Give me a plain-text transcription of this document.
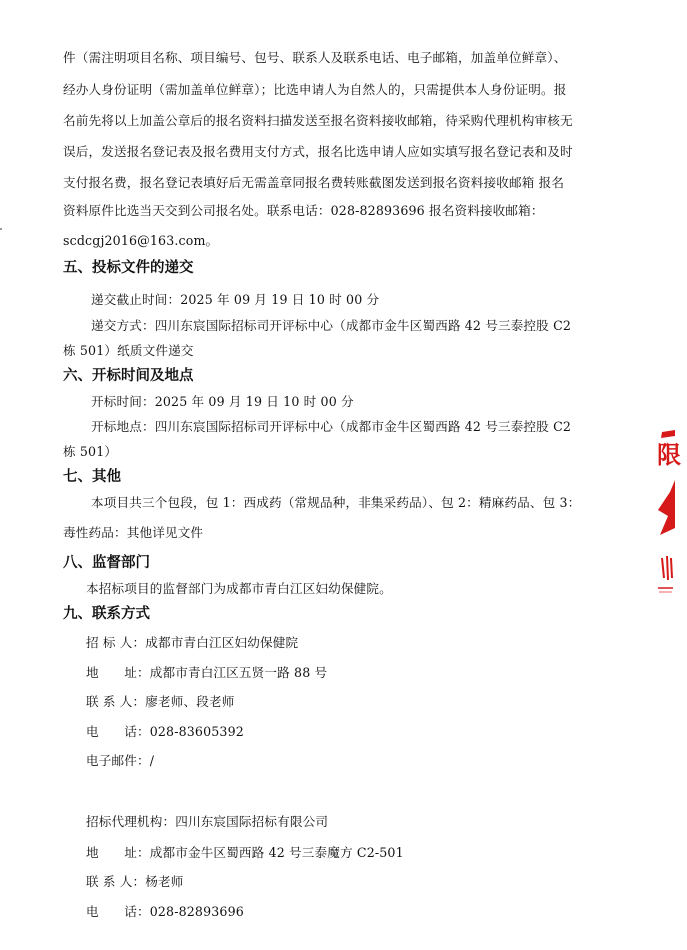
件（需注明项目名称、项目编号、包号、联系人及联系电话、电子邮箱，加盖单位鲜章）、
经办人身份证明（需加盖单位鲜章）；比选申请人为自然人的，只需提供本人身份证明。报
名前先将以上加盖公章后的报名资料扫描发送至报名资料接收邮箱，待采购代理机构审核无
误后，发送报名登记表及报名费用支付方式，报名比选申请人应如实填写报名登记表和及时
支付报名费，报名登记表填好后无需盖章同报名费转账截图发送到报名资料接收邮箱 报名
资料原件比选当天交到公司报名处。联系电话：028-82893696 报名资料接收邮箱：
scdcgj2016@163.com。
五、投标文件的递交
递交截止时间：2025 年 09 月 19 日 10 时 00 分
递交方式：四川东宸国际招标司开评标中心（成都市金牛区蜀西路 42 号三泰控股 C2
栋 501）纸质文件递交
六、开标时间及地点
开标时间：2025 年 09 月 19 日 10 时 00 分
开标地点：四川东宸国际招标司开评标中心（成都市金牛区蜀西路 42 号三泰控股 C2
栋 501）
七、其他
本项目共三个包段，包 1：西成药（常规品种，非集采药品）、包 2：精麻药品、包 3：
毒性药品：其他详见文件
八、监督部门
本招标项目的监督部门为成都市青白江区妇幼保健院。
九、联系方式
招 标 人：成都市青白江区妇幼保健院
地　　址：成都市青白江区五贤一路 88 号
联 系 人：廖老师、段老师
电　　话：028-83605392
电子邮件：/
招标代理机构：四川东宸国际招标有限公司
地　　址：成都市金牛区蜀西路 42 号三泰魔方 C2-501
联 系 人：杨老师
电　　话：028-82893696
限
